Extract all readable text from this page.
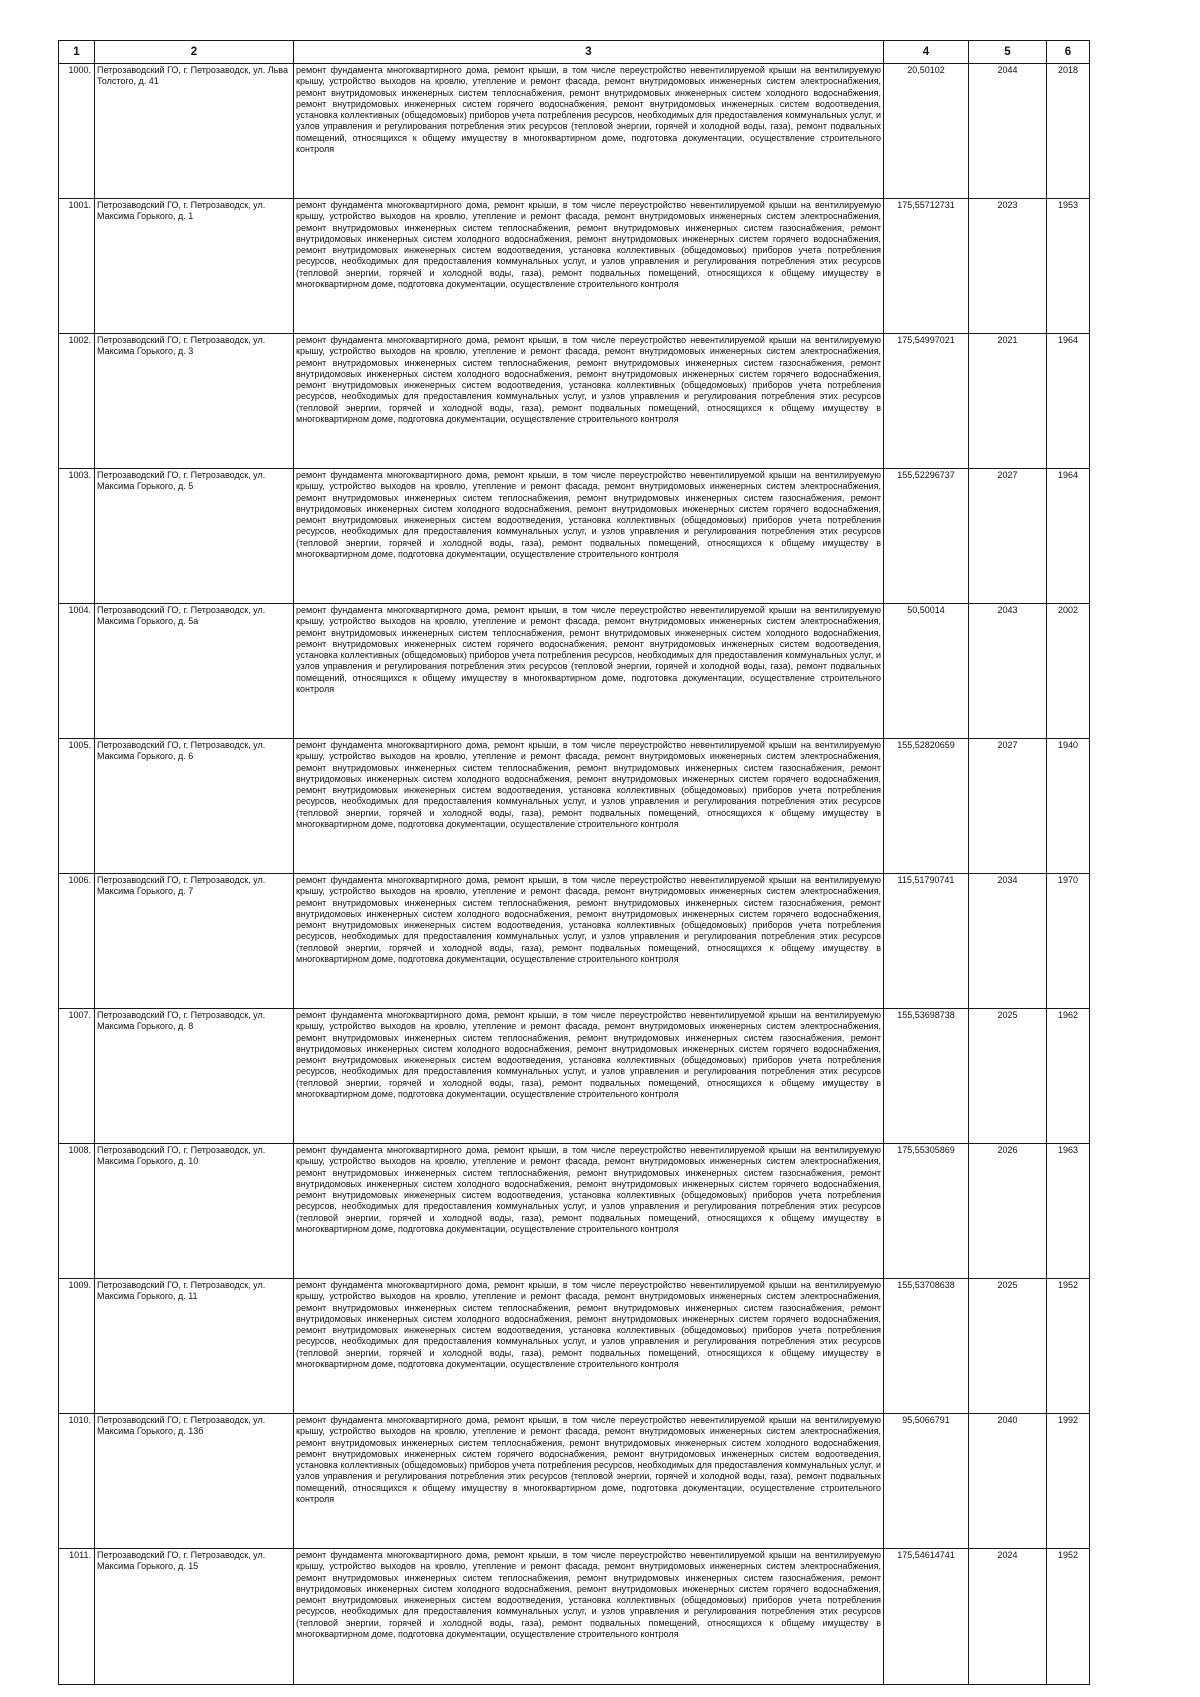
1	2	3	4	5	6
1000.	Петрозаводский ГО, г. Петрозаводск, ул. Льва Толстого, д. 41	ремонт фундамента многоквартирного дома, ремонт крыши, в том числе переустройство невентилируемой крыши на вентилируемую крышу, устройство выходов на кровлю, утепление и ремонт фасада, ремонт внутридомовых инженерных систем электроснабжения, ремонт внутридомовых инженерных систем теплоснабжения, ремонт внутридомовых инженерных систем холодного водоснабжения, ремонт внутридомовых инженерных систем горячего водоснабжения, ремонт внутридомовых инженерных систем водоотведения, установка коллективных (общедомовых) приборов учета потребления ресурсов, необходимых для предоставления коммунальных услуг, и узлов управления и регулирования потребления этих ресурсов (тепловой энергии, горячей и холодной воды, газа), ремонт подвальных помещений, относящихся к общему имуществу в многоквартирном доме, подготовка документации, осуществление строительного контроля	20,50102	2044	2018
1001.	Петрозаводский ГО, г. Петрозаводск, ул. Максима Горького, д. 1	ремонт фундамента многоквартирного дома, ремонт крыши, в том числе переустройство невентилируемой крыши на вентилируемую крышу, устройство выходов на кровлю, утепление и ремонт фасада, ремонт внутридомовых инженерных систем электроснабжения, ремонт внутридомовых инженерных систем теплоснабжения, ремонт внутридомовых инженерных систем газоснабжения, ремонт внутридомовых инженерных систем холодного водоснабжения, ремонт внутридомовых инженерных систем горячего водоснабжения, ремонт внутридомовых инженерных систем водоотведения, установка коллективных (общедомовых) приборов учета потребления ресурсов, необходимых для предоставления коммунальных услуг, и узлов управления и регулирования потребления этих ресурсов (тепловой энергии, горячей и холодной воды, газа), ремонт подвальных помещений, относящихся к общему имуществу в многоквартирном доме, подготовка документации, осуществление строительного контроля	175,55712731	2023	1953
1002.	Петрозаводский ГО, г. Петрозаводск, ул. Максима Горького, д. 3	ремонт фундамента многоквартирного дома, ремонт крыши, в том числе переустройство невентилируемой крыши на вентилируемую крышу, устройство выходов на кровлю, утепление и ремонт фасада, ремонт внутридомовых инженерных систем электроснабжения, ремонт внутридомовых инженерных систем теплоснабжения, ремонт внутридомовых инженерных систем газоснабжения, ремонт внутридомовых инженерных систем холодного водоснабжения, ремонт внутридомовых инженерных систем горячего водоснабжения, ремонт внутридомовых инженерных систем водоотведения, установка коллективных (общедомовых) приборов учета потребления ресурсов, необходимых для предоставления коммунальных услуг, и узлов управления и регулирования потребления этих ресурсов (тепловой энергии, горячей и холодной воды, газа), ремонт подвальных помещений, относящихся к общему имуществу в многоквартирном доме, подготовка документации, осуществление строительного контроля	175,54997021	2021	1964
1003.	Петрозаводский ГО, г. Петрозаводск, ул. Максима Горького, д. 5	ремонт фундамента многоквартирного дома, ремонт крыши, в том числе переустройство невентилируемой крыши на вентилируемую крышу, устройство выходов на кровлю, утепление и ремонт фасада, ремонт внутридомовых инженерных систем электроснабжения, ремонт внутридомовых инженерных систем теплоснабжения, ремонт внутридомовых инженерных систем газоснабжения, ремонт внутридомовых инженерных систем холодного водоснабжения, ремонт внутридомовых инженерных систем горячего водоснабжения, ремонт внутридомовых инженерных систем водоотведения, установка коллективных (общедомовых) приборов учета потребления ресурсов, необходимых для предоставления коммунальных услуг, и узлов управления и регулирования потребления этих ресурсов (тепловой энергии, горячей и холодной воды, газа), ремонт подвальных помещений, относящихся к общему имуществу в многоквартирном доме, подготовка документации, осуществление строительного контроля	155,52296737	2027	1964
1004.	Петрозаводский ГО, г. Петрозаводск, ул. Максима Горького, д. 5а	ремонт фундамента многоквартирного дома, ремонт крыши, в том числе переустройство невентилируемой крыши на вентилируемую крышу, устройство выходов на кровлю, утепление и ремонт фасада, ремонт внутридомовых инженерных систем электроснабжения, ремонт внутридомовых инженерных систем теплоснабжения, ремонт внутридомовых инженерных систем холодного водоснабжения, ремонт внутридомовых инженерных систем горячего водоснабжения, ремонт внутридомовых инженерных систем водоотведения, установка коллективных (общедомовых) приборов учета потребления ресурсов, необходимых для предоставления коммунальных услуг, и узлов управления и регулирования потребления этих ресурсов (тепловой энергии, горячей и холодной воды, газа), ремонт подвальных помещений, относящихся к общему имуществу в многоквартирном доме, подготовка документации, осуществление строительного контроля	50,50014	2043	2002
1005.	Петрозаводский ГО, г. Петрозаводск, ул. Максима Горького, д. 6	ремонт фундамента многоквартирного дома, ремонт крыши, в том числе переустройство невентилируемой крыши на вентилируемую крышу, устройство выходов на кровлю, утепление и ремонт фасада, ремонт внутридомовых инженерных систем электроснабжения, ремонт внутридомовых инженерных систем теплоснабжения, ремонт внутридомовых инженерных систем газоснабжения, ремонт внутридомовых инженерных систем холодного водоснабжения, ремонт внутридомовых инженерных систем горячего водоснабжения, ремонт внутридомовых инженерных систем водоотведения, установка коллективных (общедомовых) приборов учета потребления ресурсов, необходимых для предоставления коммунальных услуг, и узлов управления и регулирования потребления этих ресурсов (тепловой энергии, горячей и холодной воды, газа), ремонт подвальных помещений, относящихся к общему имуществу в многоквартирном доме, подготовка документации, осуществление строительного контроля	155,52820659	2027	1940
1006.	Петрозаводский ГО, г. Петрозаводск, ул. Максима Горького, д. 7	ремонт фундамента многоквартирного дома, ремонт крыши, в том числе переустройство невентилируемой крыши на вентилируемую крышу, устройство выходов на кровлю, утепление и ремонт фасада, ремонт внутридомовых инженерных систем электроснабжения, ремонт внутридомовых инженерных систем теплоснабжения, ремонт внутридомовых инженерных систем газоснабжения, ремонт внутридомовых инженерных систем холодного водоснабжения, ремонт внутридомовых инженерных систем горячего водоснабжения, ремонт внутридомовых инженерных систем водоотведения, установка коллективных (общедомовых) приборов учета потребления ресурсов, необходимых для предоставления коммунальных услуг, и узлов управления и регулирования потребления этих ресурсов (тепловой энергии, горячей и холодной воды, газа), ремонт подвальных помещений, относящихся к общему имуществу в многоквартирном доме, подготовка документации, осуществление строительного контроля	115,51790741	2034	1970
1007.	Петрозаводский ГО, г. Петрозаводск, ул. Максима Горького, д. 8	ремонт фундамента многоквартирного дома, ремонт крыши, в том числе переустройство невентилируемой крыши на вентилируемую крышу, устройство выходов на кровлю, утепление и ремонт фасада, ремонт внутридомовых инженерных систем электроснабжения, ремонт внутридомовых инженерных систем теплоснабжения, ремонт внутридомовых инженерных систем газоснабжения, ремонт внутридомовых инженерных систем холодного водоснабжения, ремонт внутридомовых инженерных систем горячего водоснабжения, ремонт внутридомовых инженерных систем водоотведения, установка коллективных (общедомовых) приборов учета потребления ресурсов, необходимых для предоставления коммунальных услуг, и узлов управления и регулирования потребления этих ресурсов (тепловой энергии, горячей и холодной воды, газа), ремонт подвальных помещений, относящихся к общему имуществу в многоквартирном доме, подготовка документации, осуществление строительного контроля	155,53698738	2025	1962
1008.	Петрозаводский ГО, г. Петрозаводск, ул. Максима Горького, д. 10	ремонт фундамента многоквартирного дома, ремонт крыши, в том числе переустройство невентилируемой крыши на вентилируемую крышу, устройство выходов на кровлю, утепление и ремонт фасада, ремонт внутридомовых инженерных систем электроснабжения, ремонт внутридомовых инженерных систем теплоснабжения, ремонт внутридомовых инженерных систем газоснабжения, ремонт внутридомовых инженерных систем холодного водоснабжения, ремонт внутридомовых инженерных систем горячего водоснабжения, ремонт внутридомовых инженерных систем водоотведения, установка коллективных (общедомовых) приборов учета потребления ресурсов, необходимых для предоставления коммунальных услуг, и узлов управления и регулирования потребления этих ресурсов (тепловой энергии, горячей и холодной воды, газа), ремонт подвальных помещений, относящихся к общему имуществу в многоквартирном доме, подготовка документации, осуществление строительного контроля	175,55305869	2026	1963
1009.	Петрозаводский ГО, г. Петрозаводск, ул. Максима Горького, д. 11	ремонт фундамента многоквартирного дома, ремонт крыши, в том числе переустройство невентилируемой крыши на вентилируемую крышу, устройство выходов на кровлю, утепление и ремонт фасада, ремонт внутридомовых инженерных систем электроснабжения, ремонт внутридомовых инженерных систем теплоснабжения, ремонт внутридомовых инженерных систем газоснабжения, ремонт внутридомовых инженерных систем холодного водоснабжения, ремонт внутридомовых инженерных систем горячего водоснабжения, ремонт внутридомовых инженерных систем водоотведения, установка коллективных (общедомовых) приборов учета потребления ресурсов, необходимых для предоставления коммунальных услуг, и узлов управления и регулирования потребления этих ресурсов (тепловой энергии, горячей и холодной воды, газа), ремонт подвальных помещений, относящихся к общему имуществу в многоквартирном доме, подготовка документации, осуществление строительного контроля	155,53708638	2025	1952
1010.	Петрозаводский ГО, г. Петрозаводск, ул. Максима Горького, д. 13б	ремонт фундамента многоквартирного дома, ремонт крыши, в том числе переустройство невентилируемой крыши на вентилируемую крышу, устройство выходов на кровлю, утепление и ремонт фасада, ремонт внутридомовых инженерных систем электроснабжения, ремонт внутридомовых инженерных систем теплоснабжения, ремонт внутридомовых инженерных систем холодного водоснабжения, ремонт внутридомовых инженерных систем горячего водоснабжения, ремонт внутридомовых инженерных систем водоотведения, установка коллективных (общедомовых) приборов учета потребления ресурсов, необходимых для предоставления коммунальных услуг, и узлов управления и регулирования потребления этих ресурсов (тепловой энергии, горячей и холодной воды, газа), ремонт подвальных помещений, относящихся к общему имуществу в многоквартирном доме, подготовка документации, осуществление строительного контроля	95,5066791	2040	1992
1011.	Петрозаводский ГО, г. Петрозаводск, ул. Максима Горького, д. 15	ремонт фундамента многоквартирного дома, ремонт крыши, в том числе переустройство невентилируемой крыши на вентилируемую крышу, устройство выходов на кровлю, утепление и ремонт фасада, ремонт внутридомовых инженерных систем электроснабжения, ремонт внутридомовых инженерных систем теплоснабжения, ремонт внутридомовых инженерных систем газоснабжения, ремонт внутридомовых инженерных систем холодного водоснабжения, ремонт внутридомовых инженерных систем горячего водоснабжения, ремонт внутридомовых инженерных систем водоотведения, установка коллективных (общедомовых) приборов учета потребления ресурсов, необходимых для предоставления коммунальных услуг, и узлов управления и регулирования потребления этих ресурсов (тепловой энергии, горячей и холодной воды, газа), ремонт подвальных помещений, относящихся к общему имуществу в многоквартирном доме, подготовка документации, осуществление строительного контроля	175,54614741	2024	1952
